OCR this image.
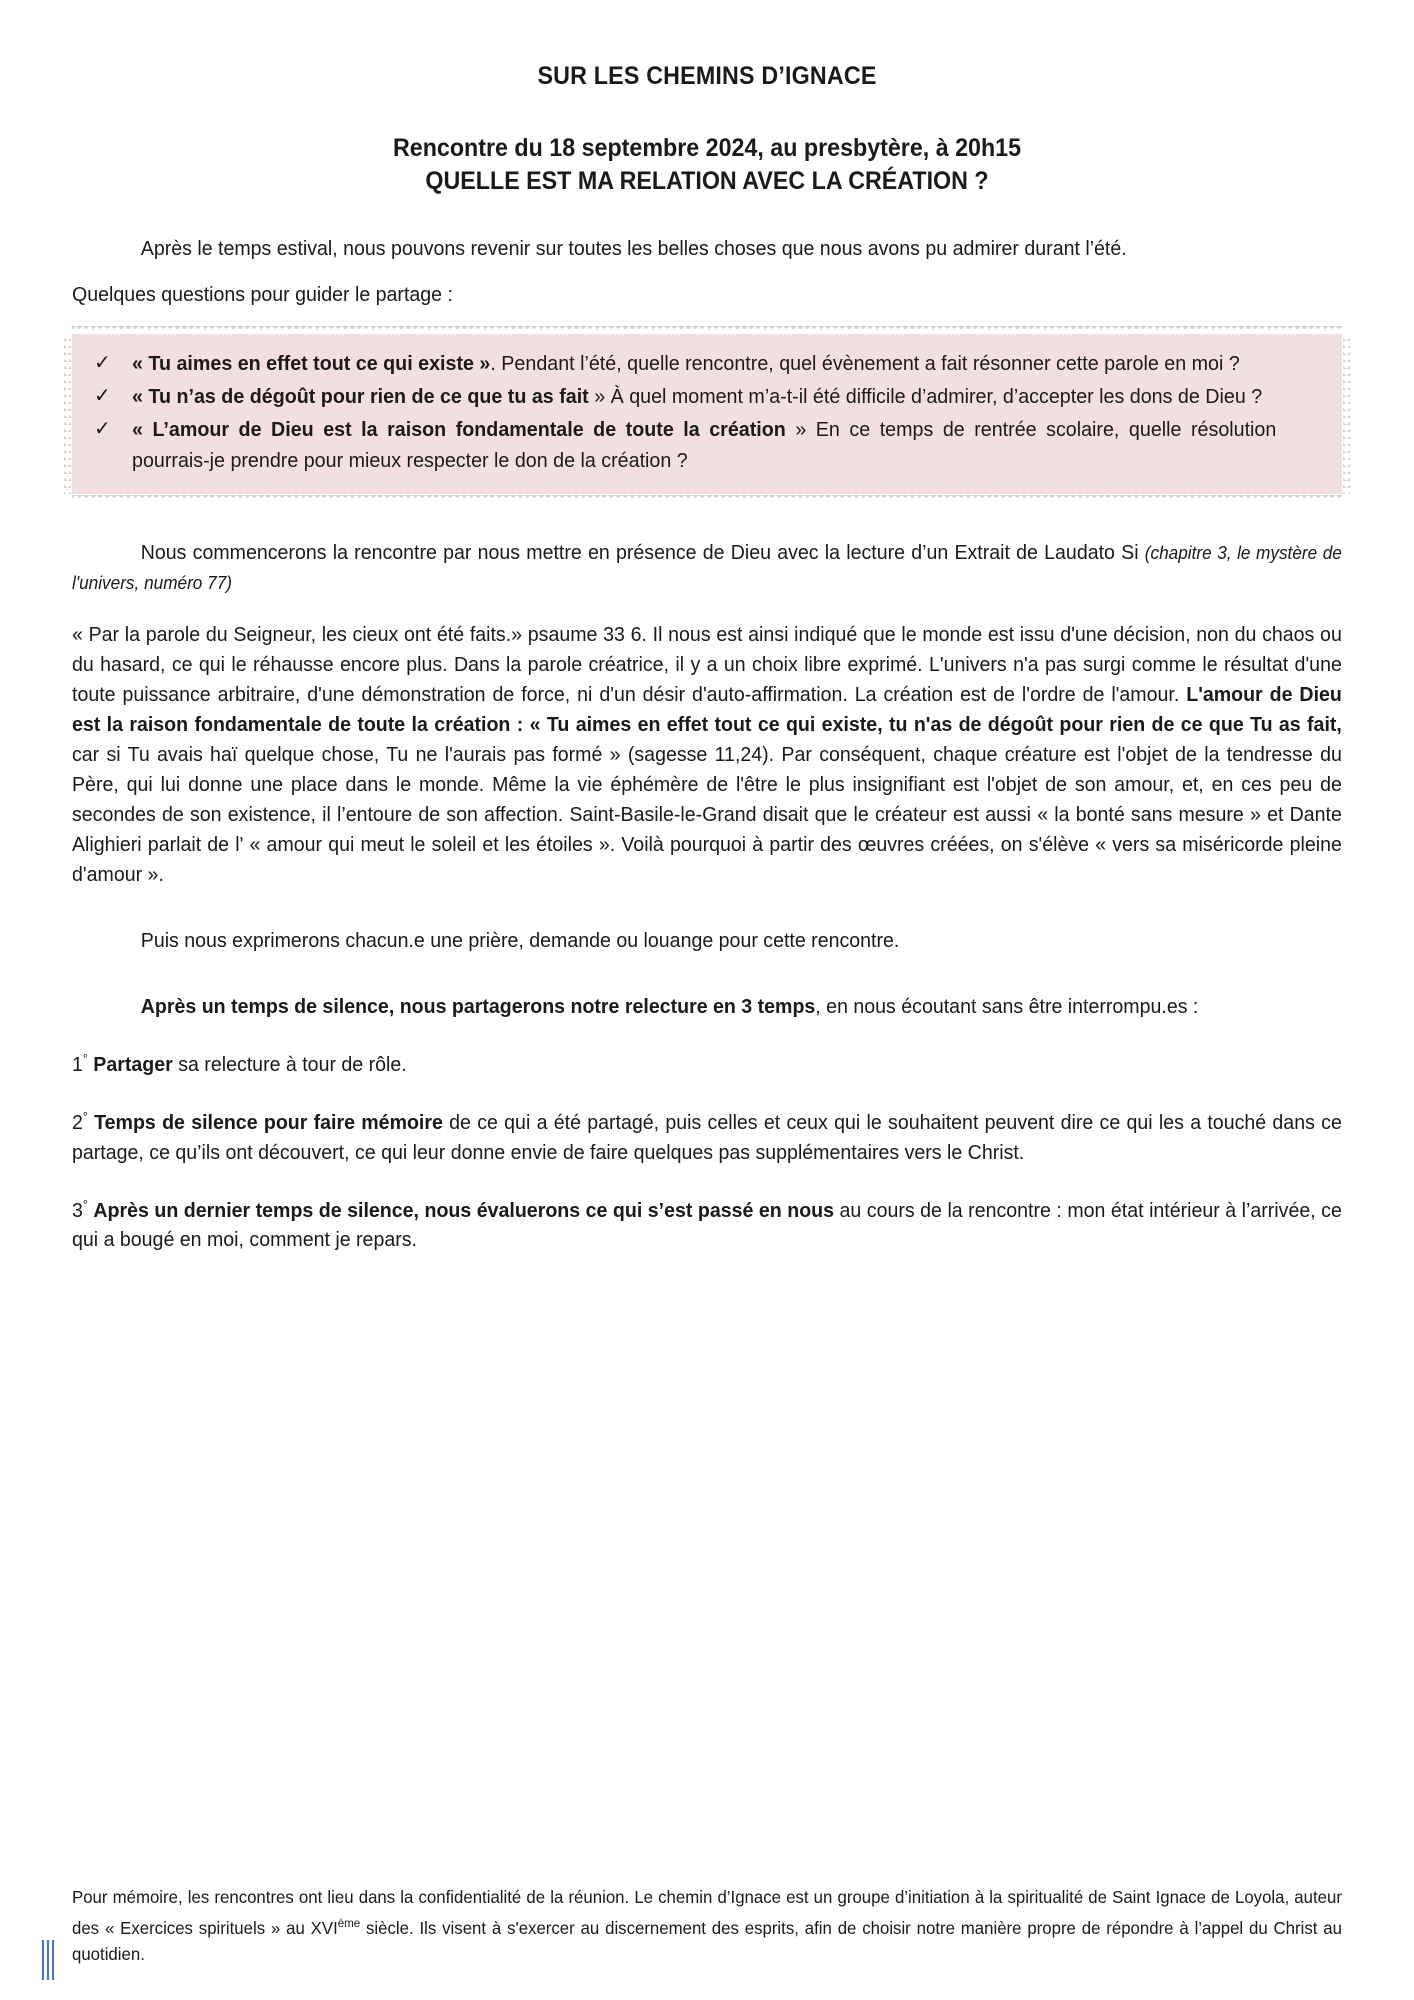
SUR LES CHEMINS D’IGNACE
Rencontre du 18 septembre 2024, au presbytère, à 20h15
QUELLE EST MA RELATION AVEC LA CRÉATION ?
Après le temps estival, nous pouvons revenir sur toutes les belles choses que nous avons pu admirer durant l’été.
Quelques questions pour guider le partage :
✓	« Tu aimes en effet tout ce qui existe ». Pendant l’été, quelle rencontre, quel évènement a fait résonner cette parole en moi ?
✓	« Tu n’as de dégoût pour rien de ce que tu as fait » À quel moment m’a-t-il été difficile d’admirer, d’accepter les dons de Dieu ?
✓	« L’amour de Dieu est la raison fondamentale de toute la création » En ce temps de rentrée scolaire, quelle résolution pourrais-je prendre pour mieux respecter le don de la création ?
Nous commencerons la rencontre par nous mettre en présence de Dieu avec la lecture d’un Extrait de Laudato Si (chapitre 3, le mystère de l'univers, numéro 77)
« Par la parole du Seigneur, les cieux ont été faits.» psaume 33 6. Il nous est ainsi indiqué que le monde est issu d'une décision, non du chaos ou du hasard, ce qui le réhausse encore plus. Dans la parole créatrice, il y a un choix libre exprimé. L'univers n'a pas surgi comme le résultat d'une toute puissance arbitraire, d'une démonstration de force, ni d'un désir d'auto-affirmation. La création est de l'ordre de l'amour. L'amour de Dieu est la raison fondamentale de toute la création : « Tu aimes en effet tout ce qui existe, tu n'as de dégoût pour rien de ce que Tu as fait, car si Tu avais haï quelque chose, Tu ne l'aurais pas formé » (sagesse 11,24). Par conséquent, chaque créature est l'objet de la tendresse du Père, qui lui donne une place dans le monde. Même la vie éphémère de l'être le plus insignifiant est l'objet de son amour, et, en ces peu de secondes de son existence, il l’entoure de son affection. Saint-Basile-le-Grand disait que le créateur est aussi « la bonté sans mesure » et Dante Alighieri parlait de l' « amour qui meut le soleil et les étoiles ». Voilà pourquoi à partir des œuvres créées, on s'élève « vers sa miséricorde pleine d'amour ».
Puis nous exprimerons chacun.e une prière, demande ou louange pour cette rencontre.
Après un temps de silence, nous partagerons notre relecture en 3 temps, en nous écoutant sans être interrompu.es :
1° Partager sa relecture à tour de rôle.
2° Temps de silence pour faire mémoire de ce qui a été partagé, puis celles et ceux qui le souhaitent peuvent dire ce qui les a touché dans ce partage, ce qu’ils ont découvert, ce qui leur donne envie de faire quelques pas supplémentaires vers le Christ.
3° Après un dernier temps de silence, nous évaluerons ce qui s’est passé en nous au cours de la rencontre : mon état intérieur à l’arrivée, ce qui a bougé en moi, comment je repars.
Pour mémoire, les rencontres ont lieu dans la confidentialité de la réunion. Le chemin d’Ignace est un groupe d’initiation à la spiritualité de Saint Ignace de Loyola, auteur des « Exercices spirituels » au XVIème siècle. Ils visent à s'exercer au discernement des esprits, afin de choisir notre manière propre de répondre à l’appel du Christ au quotidien.
